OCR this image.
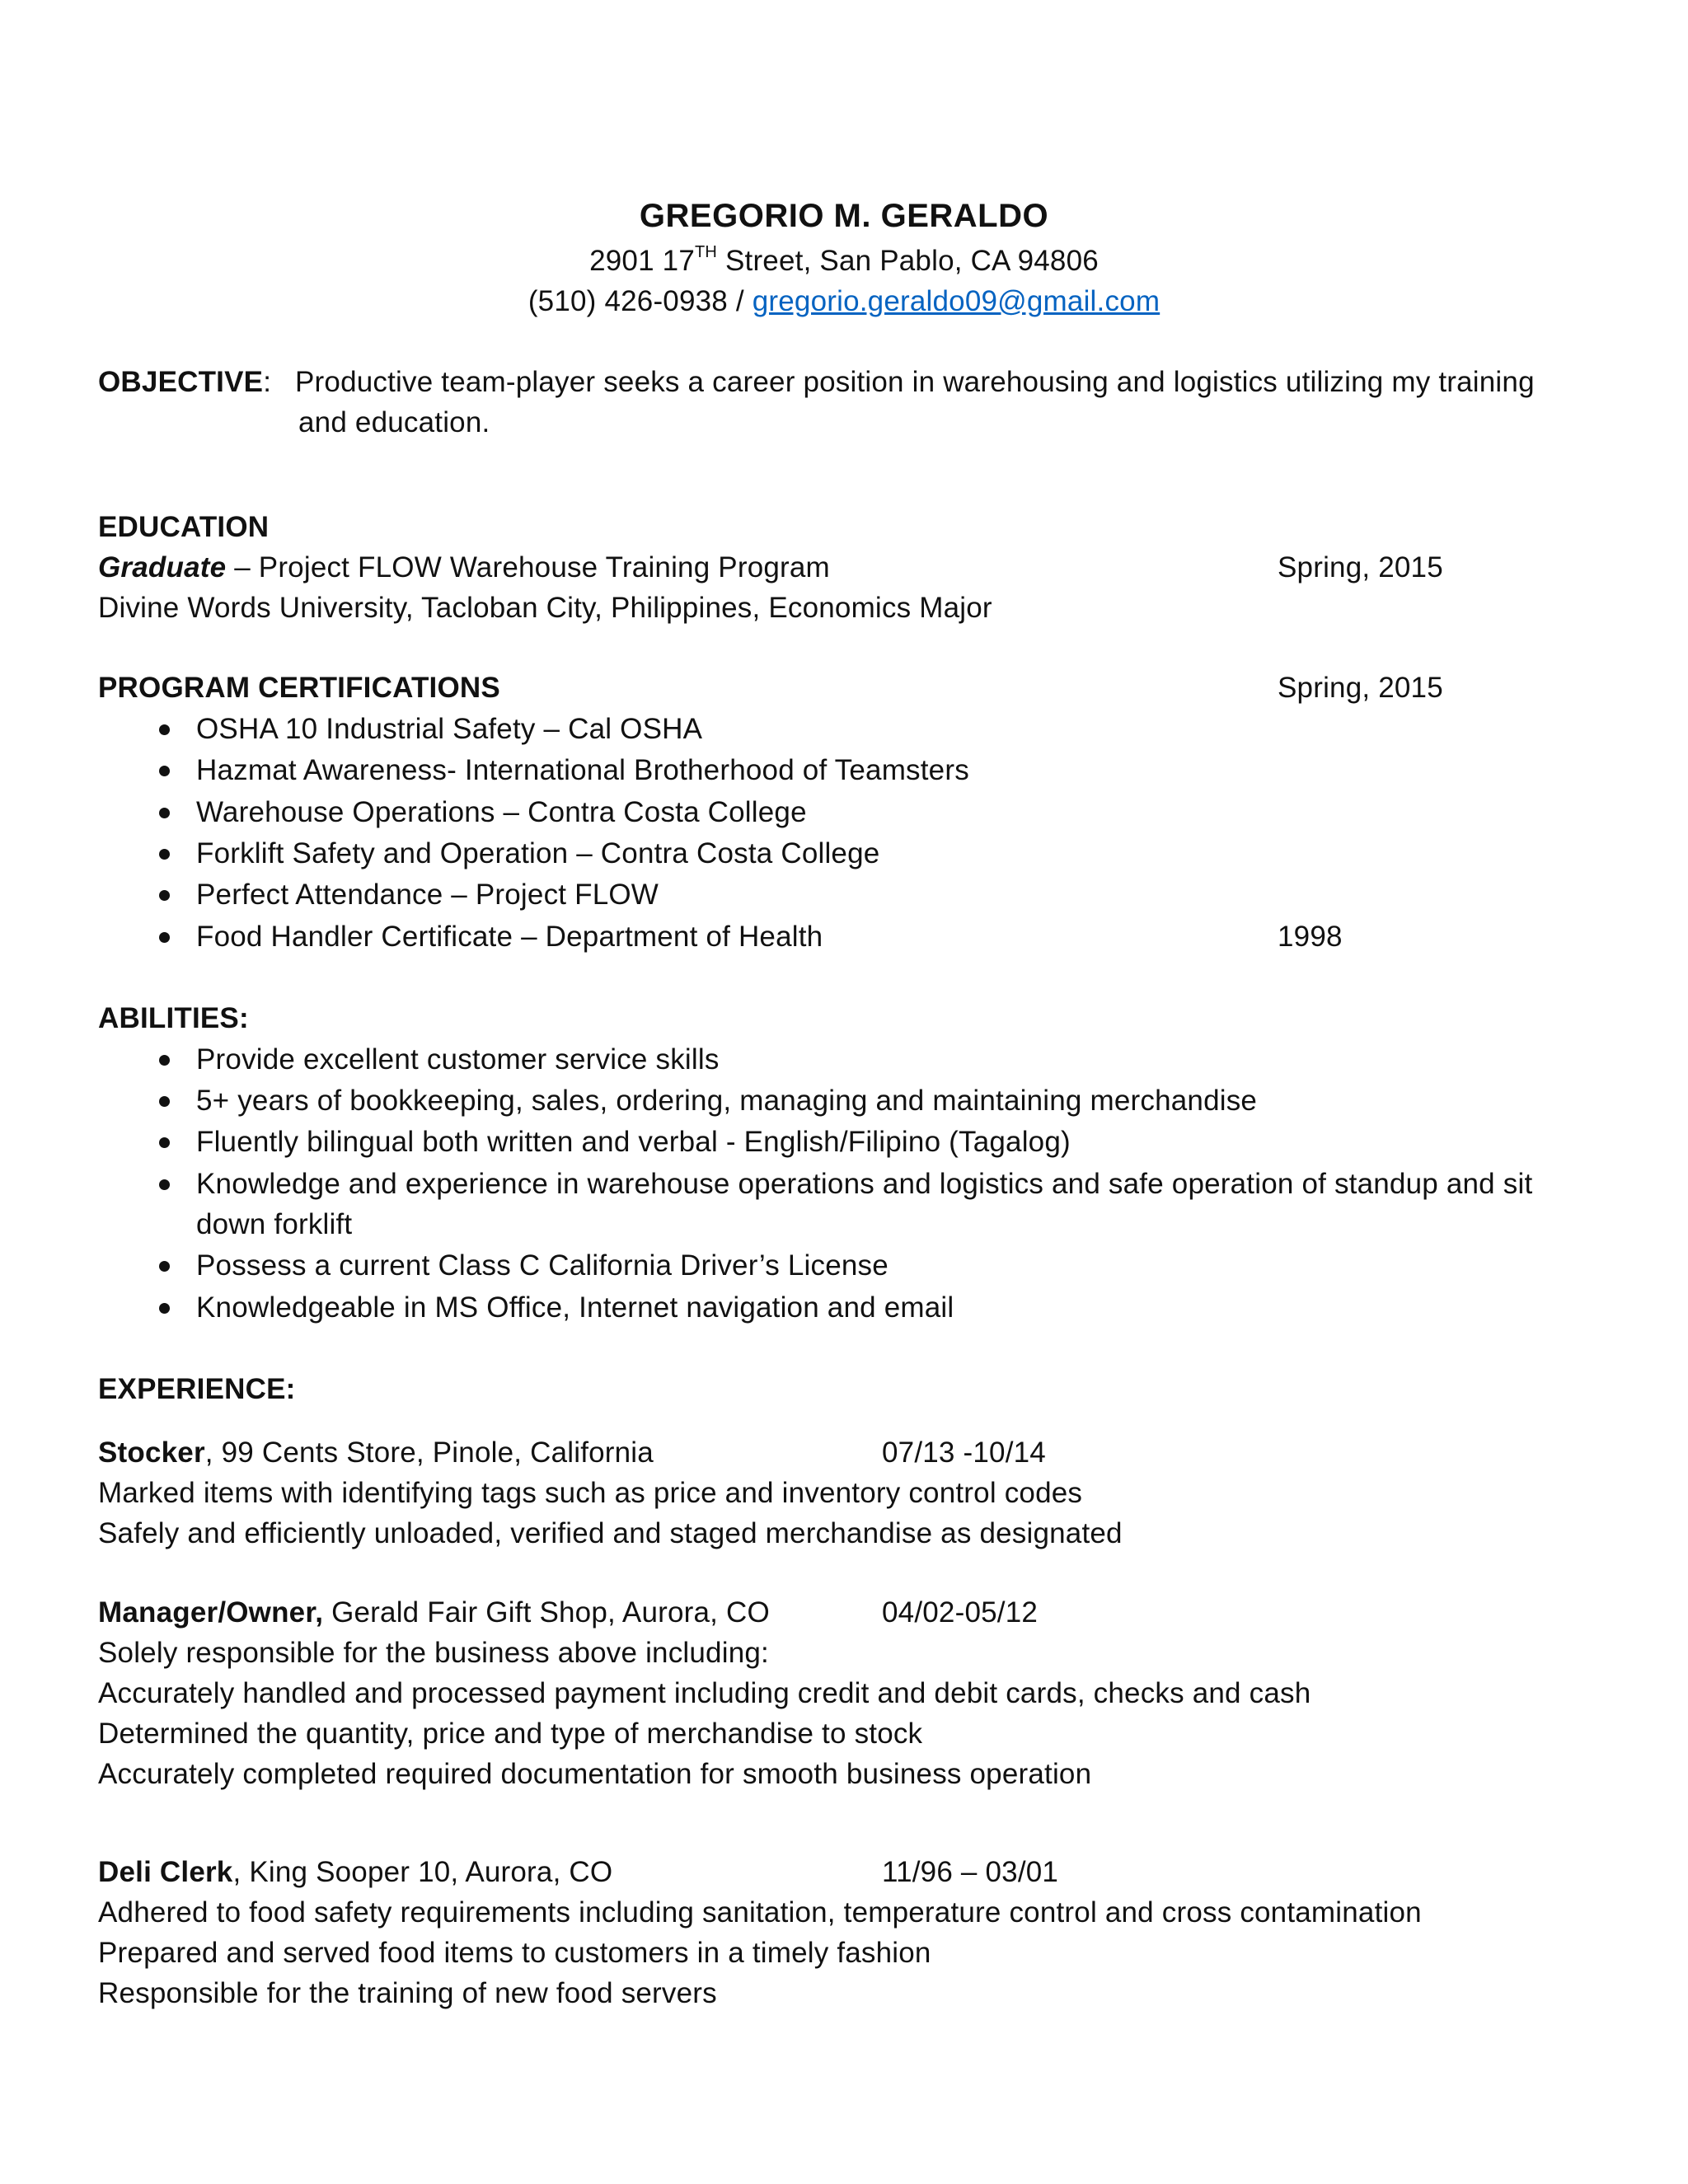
GREGORIO M. GERALDO
2901 17TH Street, San Pablo, CA 94806
(510) 426-0938 / gregorio.geraldo09@gmail.com
OBJECTIVE: Productive team-player seeks a career position in warehousing and logistics utilizing my training
and education.
EDUCATION
Graduate – Project FLOW Warehouse Training Program	Spring, 2015
Divine Words University, Tacloban City, Philippines, Economics Major
PROGRAM CERTIFICATIONS	Spring, 2015
OSHA 10 Industrial Safety – Cal OSHA
Hazmat Awareness- International Brotherhood of Teamsters
Warehouse Operations – Contra Costa College
Forklift Safety and Operation – Contra Costa College
Perfect Attendance – Project FLOW
Food Handler Certificate – Department of Health	1998
ABILITIES:
Provide excellent customer service skills
5+ years of bookkeeping, sales, ordering, managing and maintaining merchandise
Fluently bilingual both written and verbal - English/Filipino (Tagalog)
Knowledge and experience in warehouse operations and logistics and safe operation of standup and sit
down forklift
Possess a current Class C California Driver’s License
Knowledgeable in MS Office, Internet navigation and email
EXPERIENCE:
Stocker, 99 Cents Store, Pinole, California	07/13 -10/14
Marked items with identifying tags such as price and inventory control codes
Safely and efficiently unloaded, verified and staged merchandise as designated
Manager/Owner, Gerald Fair Gift Shop, Aurora, CO	04/02-05/12
Solely responsible for the business above including:
Accurately handled and processed payment including credit and debit cards, checks and cash
Determined the quantity, price and type of merchandise to stock
Accurately completed required documentation for smooth business operation
Deli Clerk, King Sooper 10, Aurora, CO	11/96 – 03/01
Adhered to food safety requirements including sanitation, temperature control and cross contamination
Prepared and served food items to customers in a timely fashion
Responsible for the training of new food servers
